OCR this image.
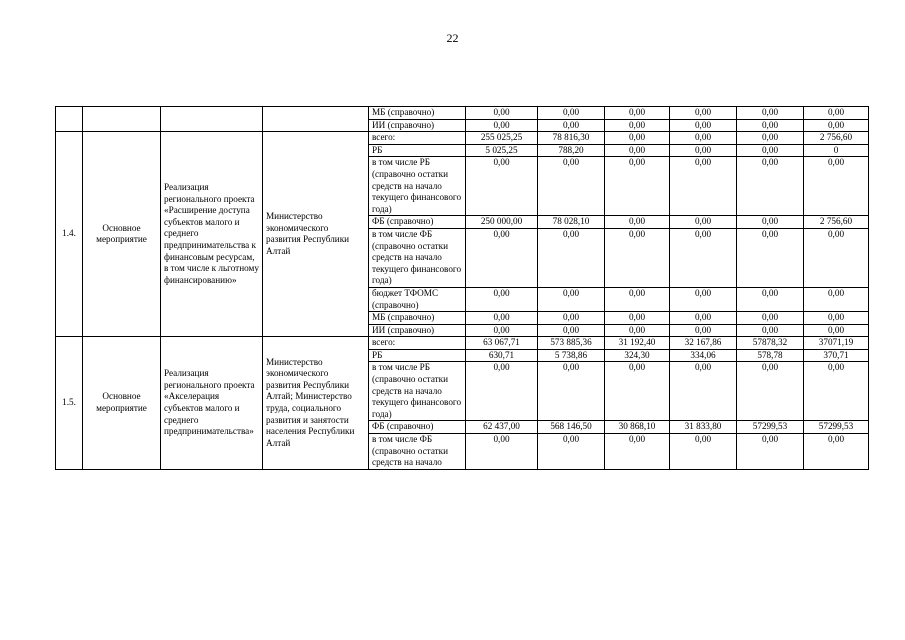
22
				МБ (справочно)	0,00	0,00	0,00	0,00	0,00	0,00
				ИИ (справочно)	0,00	0,00	0,00	0,00	0,00	0,00
1.4.	Основное мероприятие	Реализация регионального проекта «Расширение доступа субъектов малого и среднего предпринимательства к финансовым ресурсам, в том числе к льготному финансированию»	Министерство экономического развития Республики Алтай	всего:	255 025,25	78 816,30	0,00	0,00	0,00	2 756,60
				РБ	5 025,25	788,20	0,00	0,00	0,00	0
				в том числе РБ (справочно остатки средств на начало текущего финансового года)	0,00	0,00	0,00	0,00	0,00	0,00
				ФБ (справочно)	250 000,00	78 028,10	0,00	0,00	0,00	2 756,60
				в том числе ФБ (справочно остатки средств на начало текущего финансового года)	0,00	0,00	0,00	0,00	0,00	0,00
				бюджет ТФОМС (справочно)	0,00	0,00	0,00	0,00	0,00	0,00
				МБ (справочно)	0,00	0,00	0,00	0,00	0,00	0,00
				ИИ (справочно)	0,00	0,00	0,00	0,00	0,00	0,00
1.5.	Основное мероприятие	Реализация регионального проекта «Акселерация субъектов малого и среднего предпринимательства»	Министерство экономического развития Республики Алтай; Министерство труда, социального развития и занятости населения Республики Алтай	всего:	63 067,71	573 885,36	31 192,40	32 167,86	57878,32	37071,19
				РБ	630,71	5 738,86	324,30	334,06	578,78	370,71
				в том числе РБ (справочно остатки средств на начало текущего финансового года)	0,00	0,00	0,00	0,00	0,00	0,00
				ФБ (справочно)	62 437,00	568 146,50	30 868,10	31 833,80	57299,53	57299,53
				в том числе ФБ (справочно остатки средств на начало	0,00	0,00	0,00	0,00	0,00	0,00
